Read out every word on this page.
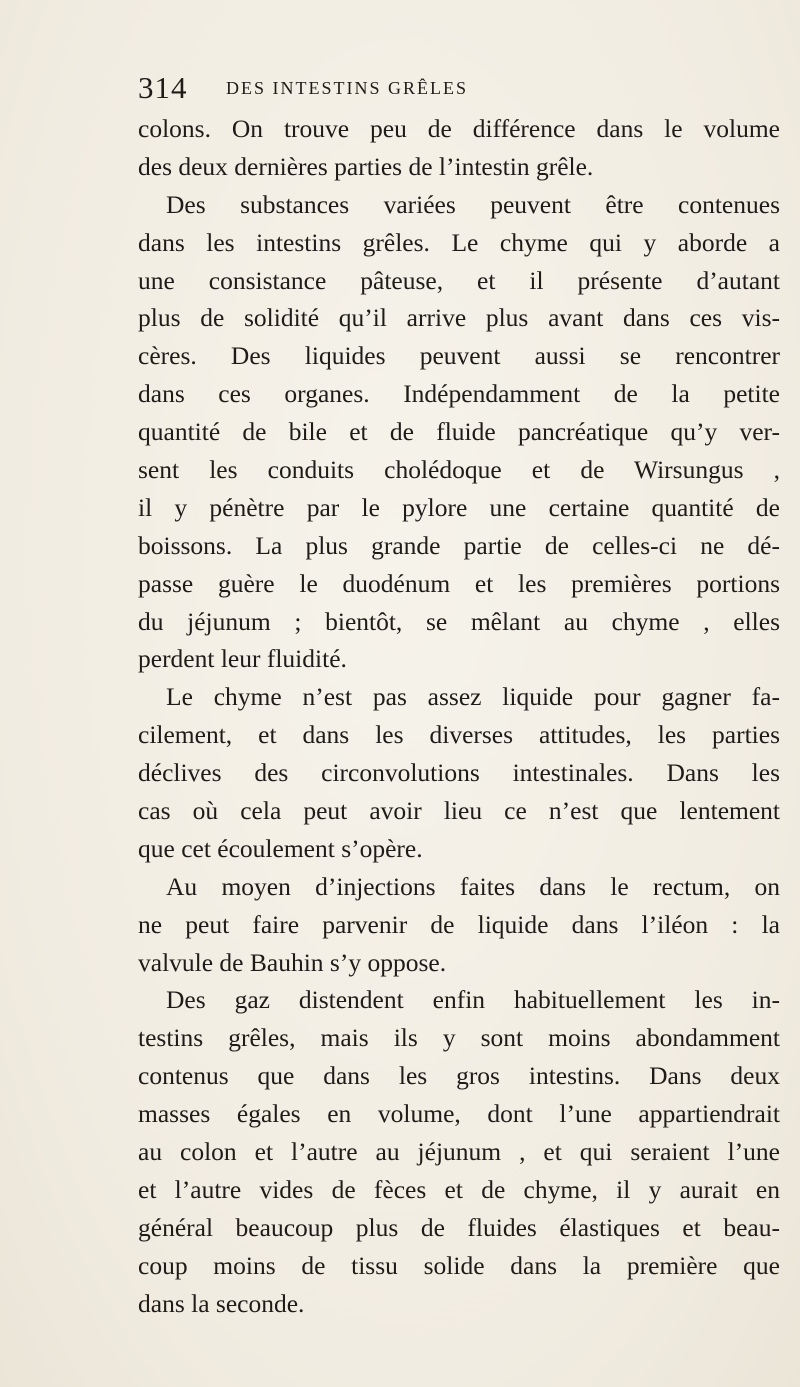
314 DES INTESTINS GRÊLES
colons. On trouve peu de différence dans le volume
des deux dernières parties de l’intestin grêle.
Des substances variées peuvent être contenues
dans les intestins grêles. Le chyme qui y aborde a
une consistance pâteuse, et il présente d’autant
plus de solidité qu’il arrive plus avant dans ces vis-
cères. Des liquides peuvent aussi se rencontrer
dans ces organes. Indépendamment de la petite
quantité de bile et de fluide pancréatique qu’y ver-
sent les conduits cholédoque et de Wirsungus ,
il y pénètre par le pylore une certaine quantité de
boissons. La plus grande partie de celles-ci ne dé-
passe guère le duodénum et les premières portions
du jéjunum ; bientôt, se mêlant au chyme , elles
perdent leur fluidité.
Le chyme n’est pas assez liquide pour gagner fa-
cilement, et dans les diverses attitudes, les parties
déclives des circonvolutions intestinales. Dans les
cas où cela peut avoir lieu ce n’est que lentement
que cet écoulement s’opère.
Au moyen d’injections faites dans le rectum, on
ne peut faire parvenir de liquide dans l’iléon : la
valvule de Bauhin s’y oppose.
Des gaz distendent enfin habituellement les in-
testins grêles, mais ils y sont moins abondamment
contenus que dans les gros intestins. Dans deux
masses égales en volume, dont l’une appartiendrait
au colon et l’autre au jéjunum , et qui seraient l’une
et l’autre vides de fèces et de chyme, il y aurait en
général beaucoup plus de fluides élastiques et beau-
coup moins de tissu solide dans la première que
dans la seconde.
